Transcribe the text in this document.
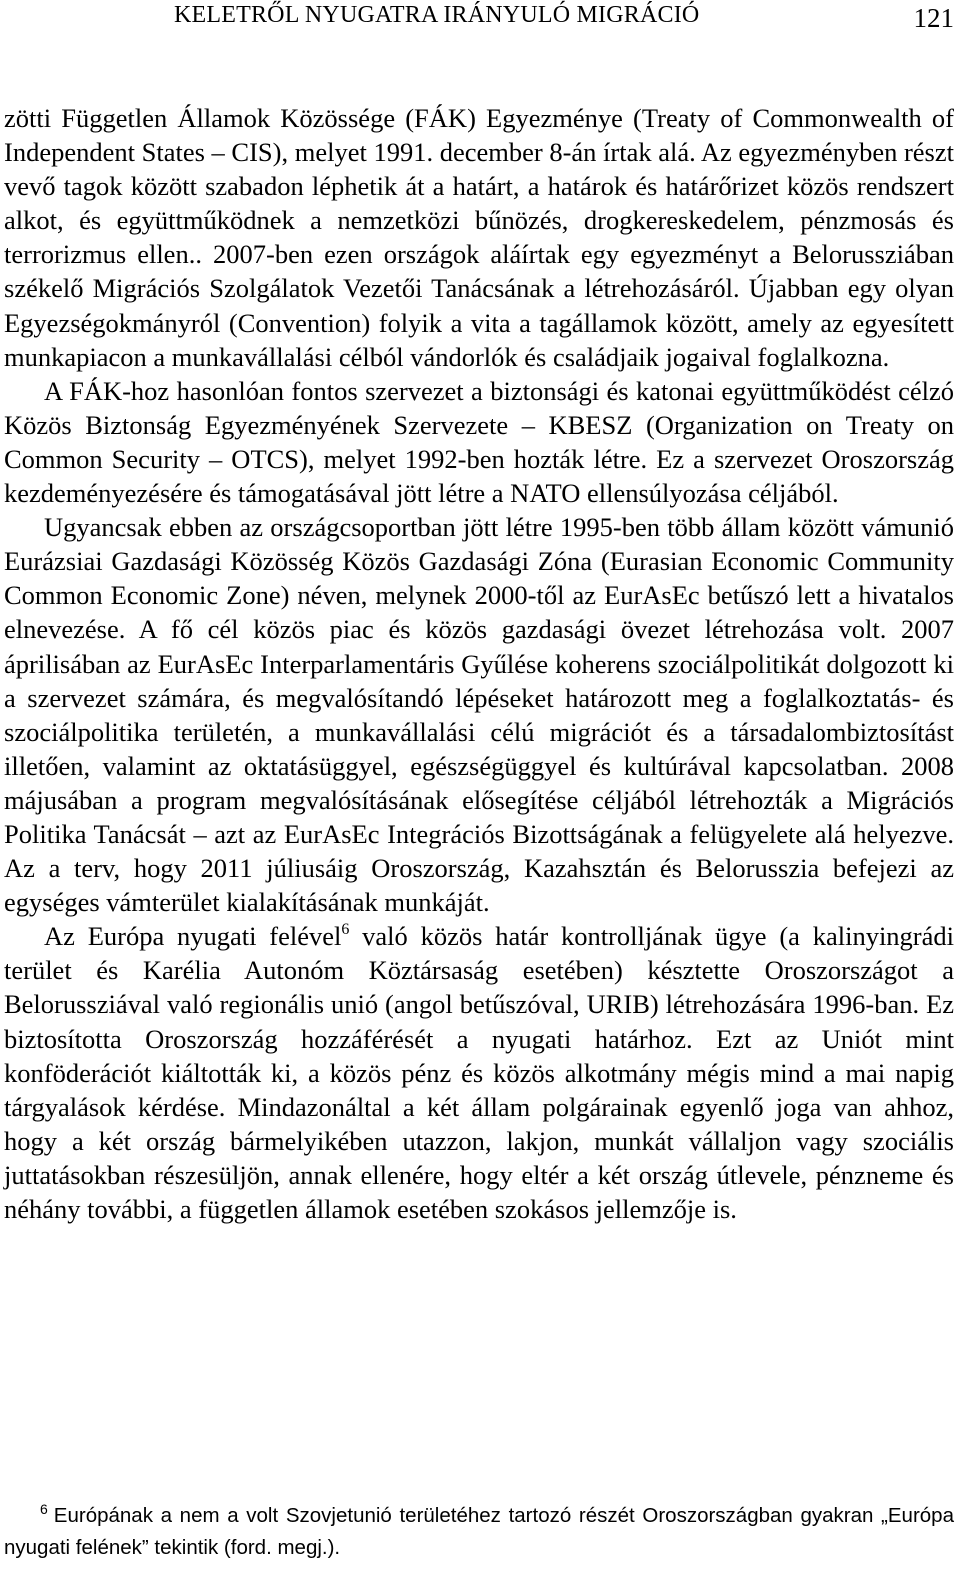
KELETRŐL NYUGATRA IRÁNYULÓ MIGRÁCIÓ	121

zötti Független Államok Közössége (FÁK) Egyezménye (Treaty of Commonwealth of Independent States – CIS), melyet 1991. december 8-án írtak alá. Az egyezményben részt vevő tagok között szabadon léphetik át a határt, a határok és határőrizet közös rendszert alkot, és együttműködnek a nemzetközi bűnözés, drogkereskedelem, pénzmosás és terrorizmus ellen.. 2007-ben ezen országok aláírtak egy egyezményt a Belorussziában székelő Migrációs Szolgálatok Vezetői Tanácsának a létrehozásáról. Újabban egy olyan Egyezségokmányról (Convention) folyik a vita a tagállamok között, amely az egyesített munkapiacon a munkavállalási célból vándorlók és családjaik jogaival foglalkozna.

A FÁK-hoz hasonlóan fontos szervezet a biztonsági és katonai együttműködést célzó Közös Biztonság Egyezményének Szervezete – KBESZ (Organization on Treaty on Common Security – OTCS), melyet 1992-ben hozták létre. Ez a szervezet Oroszország kezdeményezésére és támogatásával jött létre a NATO ellensúlyozása céljából.

Ugyancsak ebben az országcsoportban jött létre 1995-ben több állam között vámunió Eurázsiai Gazdasági Közösség Közös Gazdasági Zóna (Eurasian Economic Community Common Economic Zone) néven, melynek 2000-től az EurAsEc betűszó lett a hivatalos elnevezése. A fő cél közös piac és közös gazdasági övezet létrehozása volt. 2007 áprilisában az EurAsEc Interparlamentáris Gyűlése koherens szociálpolitikát dolgozott ki a szervezet számára, és megvalósítandó lépéseket határozott meg a foglalkoztatás- és szociálpolitika területén, a munkavállalási célú migrációt és a társadalombiztosítást illetően, valamint az oktatásüggyel, egészségüggyel és kultúrával kapcsolatban. 2008 májusában a program megvalósításának elősegítése céljából létrehozták a Migrációs Politika Tanácsát – azt az EurAsEc Integrációs Bizottságának a felügyelete alá helyezve. Az a terv, hogy 2011 júliusáig Oroszország, Kazahsztán és Belorusszia befejezi az egységes vámterület kialakításának munkáját.

Az Európa nyugati felével$^6$ való közös határ kontrolljának ügye (a kalinyingrádi terület és Karélia Autonóm Köztársaság esetében) késztette Oroszországot a Belorussziával való regionális unió (angol betűszóval, URIB) létrehozására 1996-ban. Ez biztosította Oroszország hozzáférését a nyugati határhoz. Ezt az Uniót mint konföderációt kiáltották ki, a közös pénz és közös alkotmány mégis mind a mai napig tárgyalások kérdése. Mindazonáltal a két állam polgárainak egyenlő joga van ahhoz, hogy a két ország bármelyikében utazzon, lakjon, munkát vállaljon vagy szociális juttatásokban részesüljön, annak ellenére, hogy eltér a két ország útlevele, pénzneme és néhány további, a független államok esetében szokásos jellemzője is.

$^6$ Európának a nem a volt Szovjetunió területéhez tartozó részét Oroszországban gyakran „Európa nyugati felének” tekintik (ford. megj.).
